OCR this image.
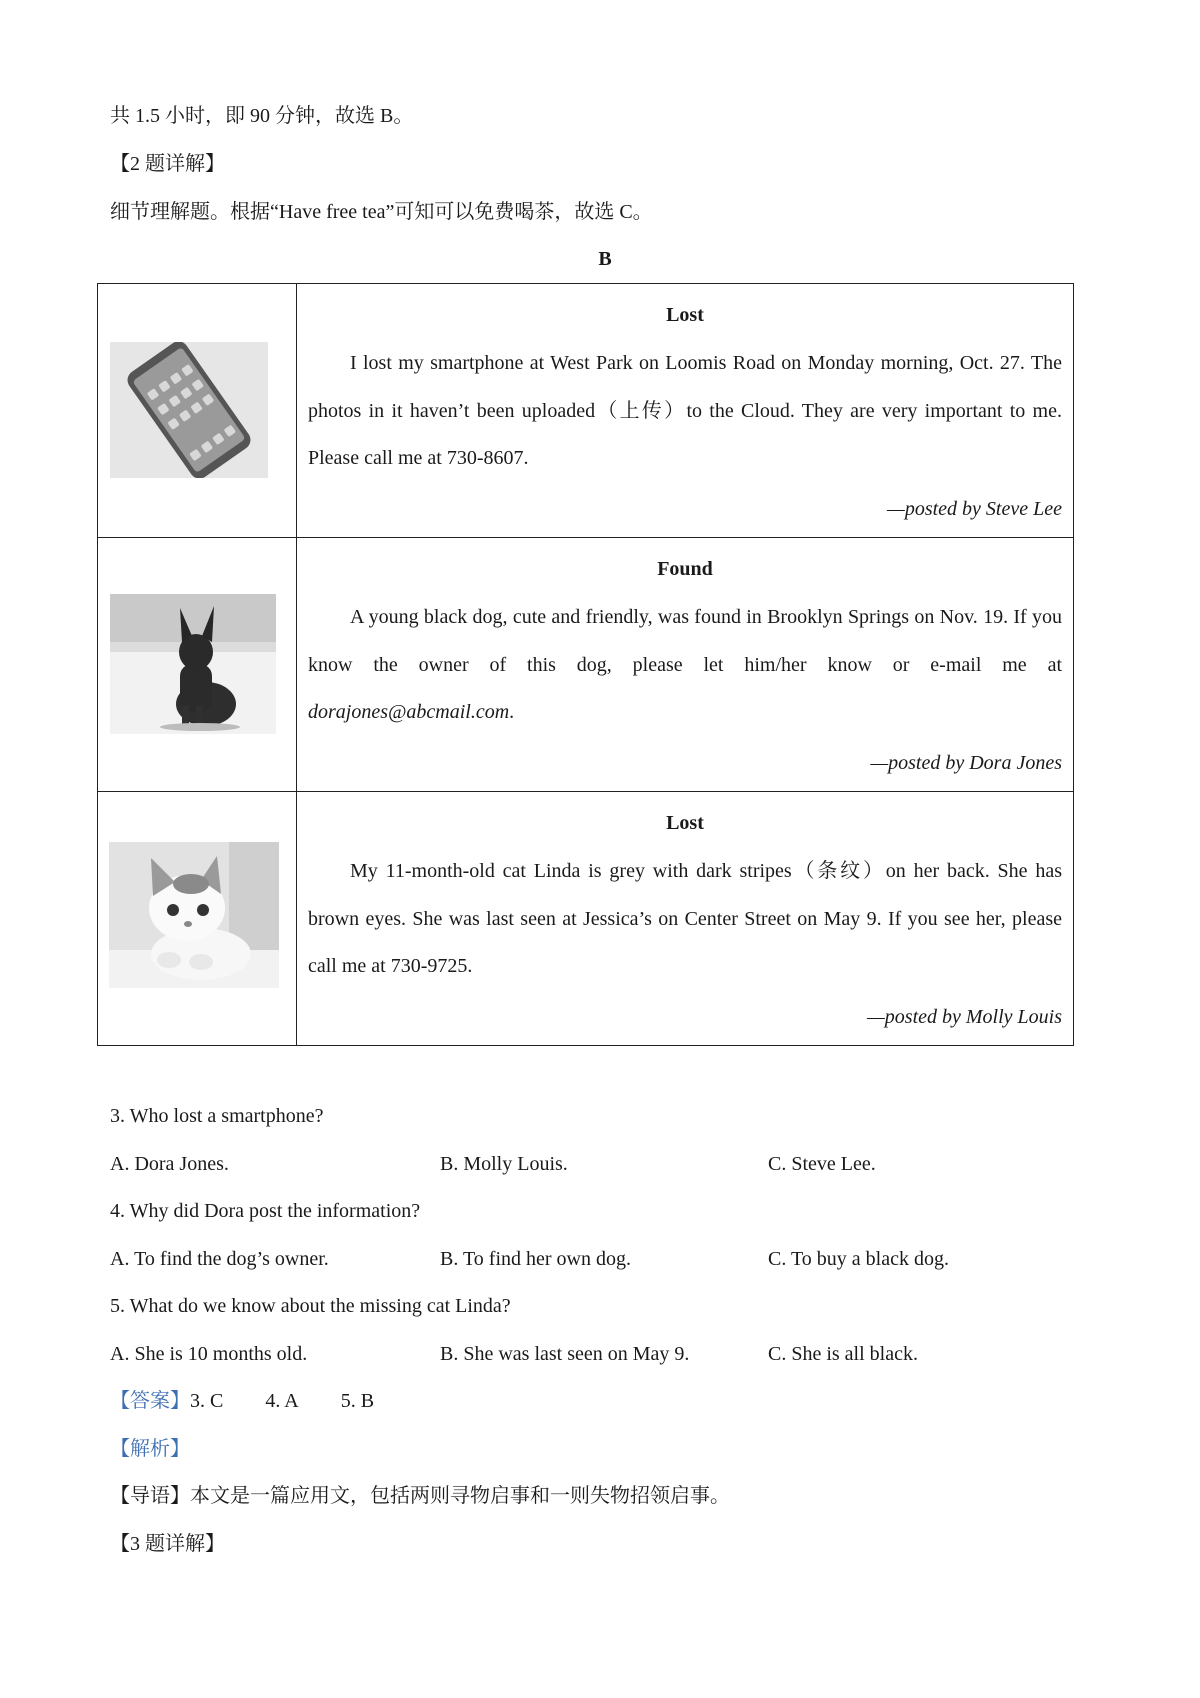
共 1.5 小时，即 90 分钟，故选 B。
【2 题详解】
细节理解题。根据“Have free tea”可知可以免费喝茶，故选 C。
B
Lost
I lost my smartphone at West Park on Loomis Road on Monday morning, Oct. 27. The photos in it haven’t been uploaded（上传）to the Cloud. They are very important to me. Please call me at 730-8607.
—posted by Steve Lee
Found
A young black dog, cute and friendly, was found in Brooklyn Springs on Nov. 19. If you know the owner of this dog, please let him/her know or e-mail me at dorajones@abcmail.com.
—posted by Dora Jones
Lost
My 11-month-old cat Linda is grey with dark stripes（条纹）on her back. She has brown eyes. She was last seen at Jessica’s on Center Street on May 9. If you see her, please call me at 730-9725.
—posted by Molly Louis
3. Who lost a smartphone?
A. Dora Jones.	B. Molly Louis.	C. Steve Lee.
4. Why did Dora post the information?
A. To find the dog’s owner.	B. To find her own dog.	C. To buy a black dog.
5. What do we know about the missing cat Linda?
A. She is 10 months old.	B. She was last seen on May 9.	C. She is all black.
【答案】3. C 4. A 5. B
【解析】
【导语】本文是一篇应用文，包括两则寻物启事和一则失物招领启事。
【3 题详解】
